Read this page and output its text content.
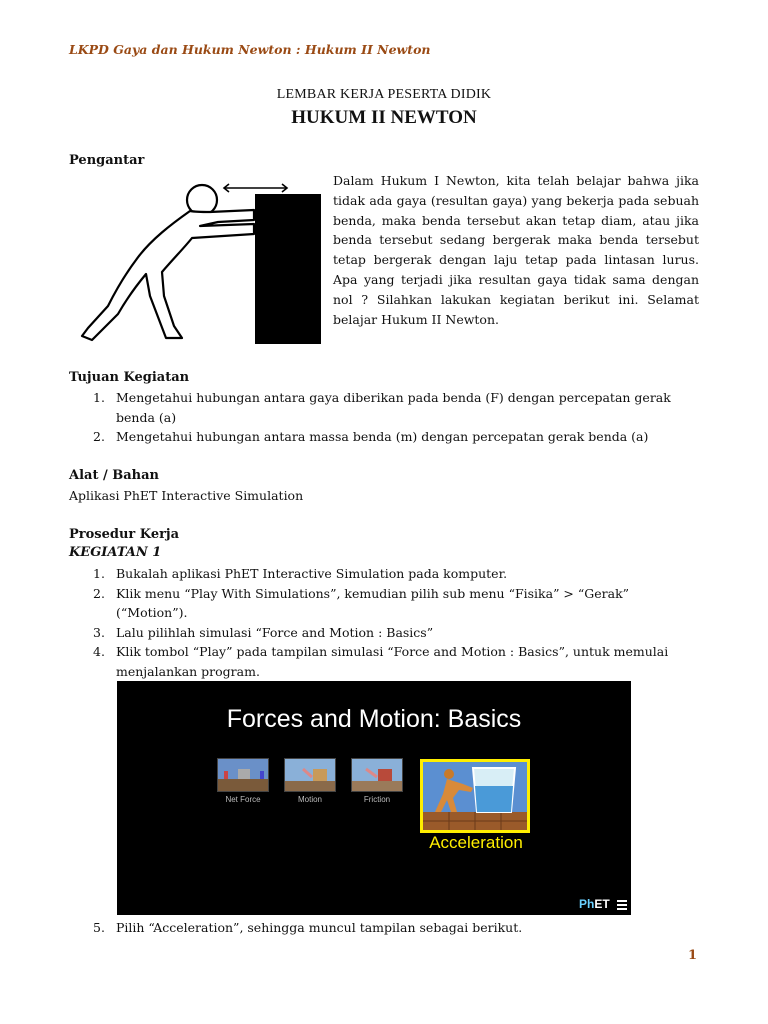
LKPD Gaya dan Hukum Newton : Hukum II Newton
LEMBAR KERJA PESERTA DIDIK
HUKUM II NEWTON
Pengantar
Dalam Hukum I Newton, kita telah belajar bahwa jika tidak ada gaya (resultan gaya) yang bekerja pada sebuah benda, maka benda tersebut akan tetap diam, atau jika benda tersebut sedang bergerak maka benda tersebut tetap bergerak dengan laju tetap pada lintasan lurus. Apa yang terjadi jika resultan gaya tidak sama dengan nol ? Silahkan lakukan kegiatan berikut ini. Selamat belajar Hukum II Newton.
Tujuan Kegiatan
1. Mengetahui hubungan antara gaya diberikan pada benda (F) dengan percepatan gerak benda (a)
2. Mengetahui hubungan antara massa benda (m) dengan percepatan gerak benda (a)
Alat / Bahan
Aplikasi PhET Interactive Simulation
Prosedur Kerja
KEGIATAN 1
1. Bukalah aplikasi PhET Interactive Simulation pada komputer.
2. Klik menu “Play With Simulations”, kemudian pilih sub menu “Fisika” > “Gerak” (“Motion”).
3. Lalu pilihlah simulasi “Force and Motion : Basics”
4. Klik tombol “Play” pada tampilan simulasi “Force and Motion : Basics”, untuk memulai menjalankan program.
Forces and Motion: Basics
Net Force	Motion	Friction
Acceleration
PhET
5. Pilih “Acceleration”, sehingga muncul tampilan sebagai berikut.
1
